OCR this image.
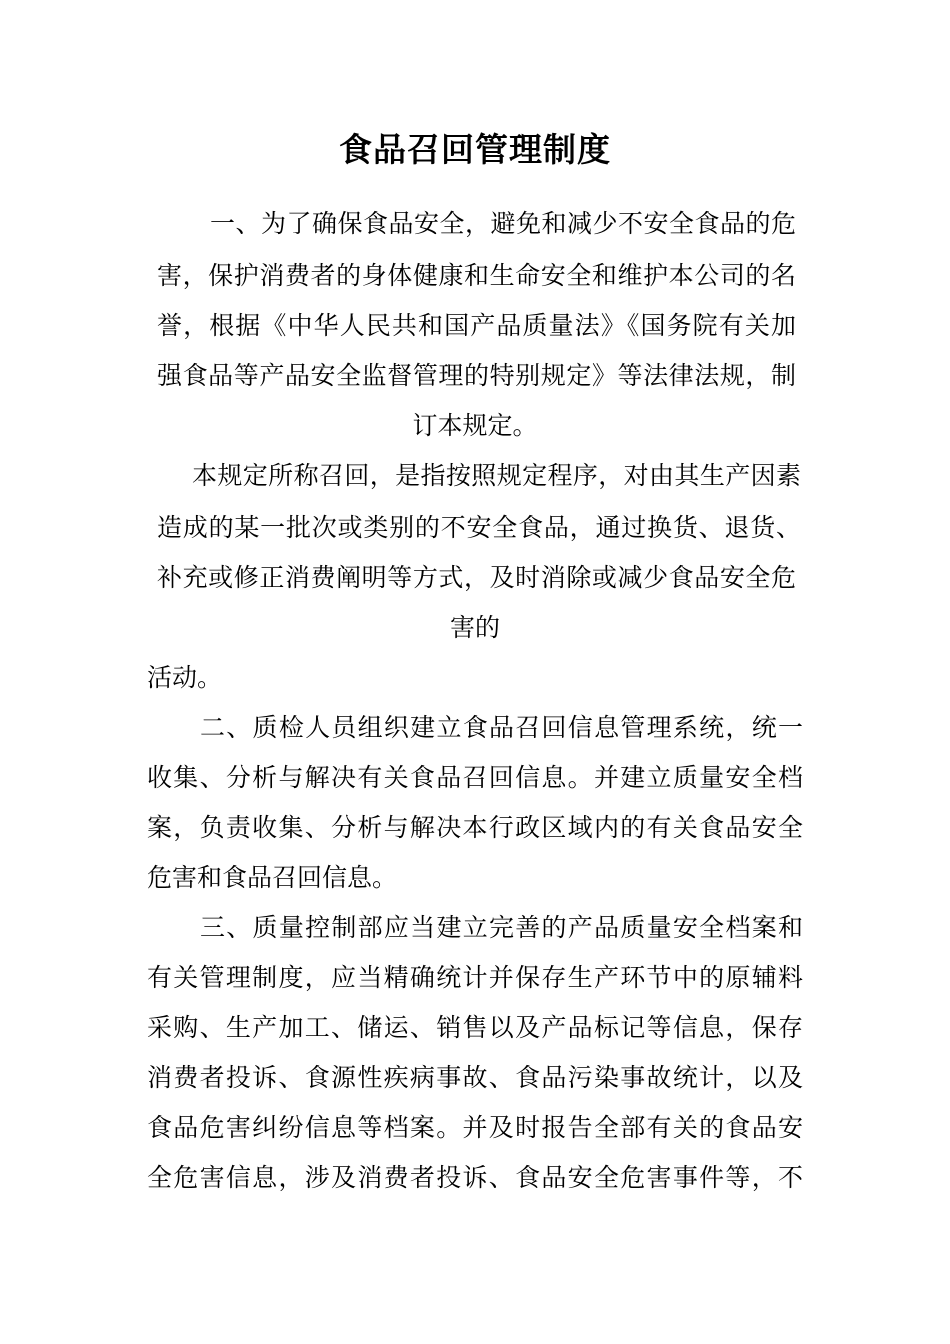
食品召回管理制度
一、为了确保食品安全，避免和减少不安全食品的危
害，保护消费者的身体健康和生命安全和维护本公司的名
誉，根据《中华人民共和国产品质量法》《国务院有关加
强食品等产品安全监督管理的特别规定》等法律法规，制
订本规定。
本规定所称召回，是指按照规定程序，对由其生产因素
造成的某一批次或类别的不安全食品，通过换货、退货、
补充或修正消费阐明等方式，及时消除或减少食品安全危
害的
活动。
二、质检人员组织建立食品召回信息管理系统，统一
收集、分析与解决有关食品召回信息。并建立质量安全档
案，负责收集、分析与解决本行政区域内的有关食品安全
危害和食品召回信息。
三、质量控制部应当建立完善的产品质量安全档案和
有关管理制度，应当精确统计并保存生产环节中的原辅料
采购、生产加工、储运、销售以及产品标记等信息，保存
消费者投诉、食源性疾病事故、食品污染事故统计，以及
食品危害纠纷信息等档案。并及时报告全部有关的食品安
全危害信息，涉及消费者投诉、食品安全危害事件等，不
